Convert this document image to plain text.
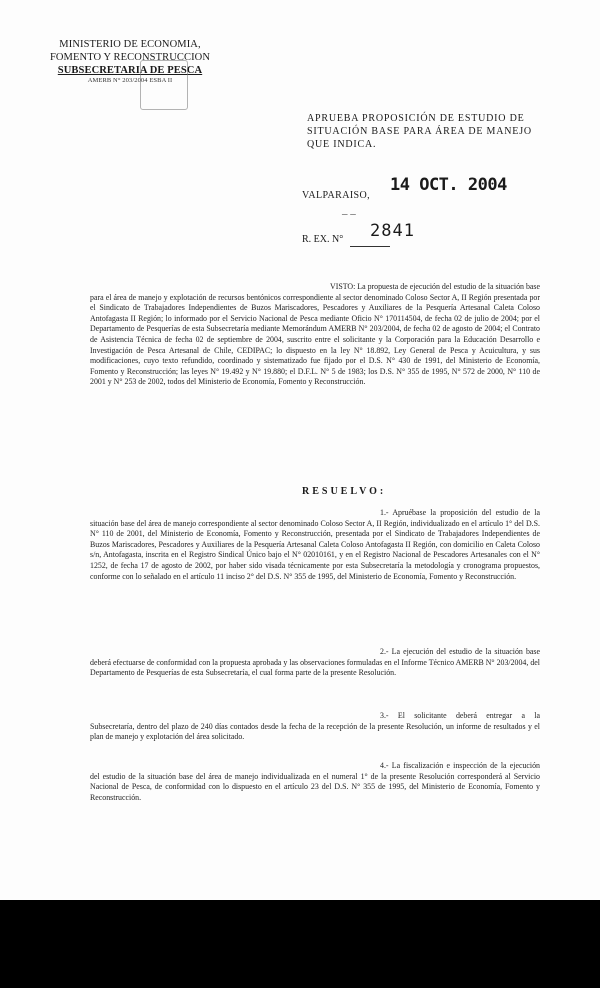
MINISTERIO DE ECONOMIA,
FOMENTO Y RECONSTRUCCION
SUBSECRETARIA DE PESCA
AMERB N° 203/2004 ESBA II
APRUEBA PROPOSICIÓN DE ESTUDIO DE
SITUACIÓN BASE PARA ÁREA DE MANEJO
QUE INDICA.
VALPARAISO,
14 OCT. 2004
– –
R. EX. N° 2841
VISTO: La propuesta de ejecución del estudio de la situación base para el área de manejo y explotación de recursos bentónicos correspondiente al sector denominado Coloso Sector A, II Región presentada por el Sindicato de Trabajadores Independientes de Buzos Mariscadores, Pescadores y Auxiliares de la Pesquería Artesanal Caleta Coloso Antofagasta II Región; lo informado por el Servicio Nacional de Pesca mediante Oficio N° 170114504, de fecha 02 de julio de 2004; por el Departamento de Pesquerías de esta Subsecretaría mediante Memorándum AMERB N° 203/2004, de fecha 02 de agosto de 2004; el Contrato de Asistencia Técnica de fecha 02 de septiembre de 2004, suscrito entre el solicitante y la Corporación para la Educación Desarrollo e Investigación de Pesca Artesanal de Chile, CEDIPAC; lo dispuesto en la ley N° 18.892, Ley General de Pesca y Acuicultura, y sus modificaciones, cuyo texto refundido, coordinado y sistematizado fue fijado por el D.S. N° 430 de 1991, del Ministerio de Economía, Fomento y Reconstrucción; las leyes N° 19.492 y N° 19.880; el D.F.L. N° 5 de 1983; los D.S. N° 355 de 1995, N° 572 de 2000, N° 110 de 2001 y N° 253 de 2002, todos del Ministerio de Economía, Fomento y Reconstrucción.
RESUELVO:
1.- Apruébase la proposición del estudio de la situación base del área de manejo correspondiente al sector denominado Coloso Sector A, II Región, individualizado en el artículo 1° del D.S. N° 110 de 2001, del Ministerio de Economía, Fomento y Reconstrucción, presentada por el Sindicato de Trabajadores Independientes de Buzos Mariscadores, Pescadores y Auxiliares de la Pesquería Artesanal Caleta Coloso Antofagasta II Región, con domicilio en Caleta Coloso s/n, Antofagasta, inscrita en el Registro Sindical Único bajo el N° 02010161, y en el Registro Nacional de Pescadores Artesanales con el N° 1252, de fecha 17 de agosto de 2002, por haber sido visada técnicamente por esta Subsecretaría la metodología y cronograma propuestos, conforme con lo señalado en el artículo 11 inciso 2° del D.S. N° 355 de 1995, del Ministerio de Economía, Fomento y Reconstrucción.
2.- La ejecución del estudio de la situación base deberá efectuarse de conformidad con la propuesta aprobada y las observaciones formuladas en el Informe Técnico AMERB N° 203/2004, del Departamento de Pesquerías de esta Subsecretaría, el cual forma parte de la presente Resolución.
3.- El solicitante deberá entregar a la Subsecretaría, dentro del plazo de 240 días contados desde la fecha de la recepción de la presente Resolución, un informe de resultados y el plan de manejo y explotación del área solicitado.
4.- La fiscalización e inspección de la ejecución del estudio de la situación base del área de manejo individualizada en el numeral 1° de la presente Resolución corresponderá al Servicio Nacional de Pesca, de conformidad con lo dispuesto en el artículo 23 del D.S. N° 355 de 1995, del Ministerio de Economía, Fomento y Reconstrucción.
